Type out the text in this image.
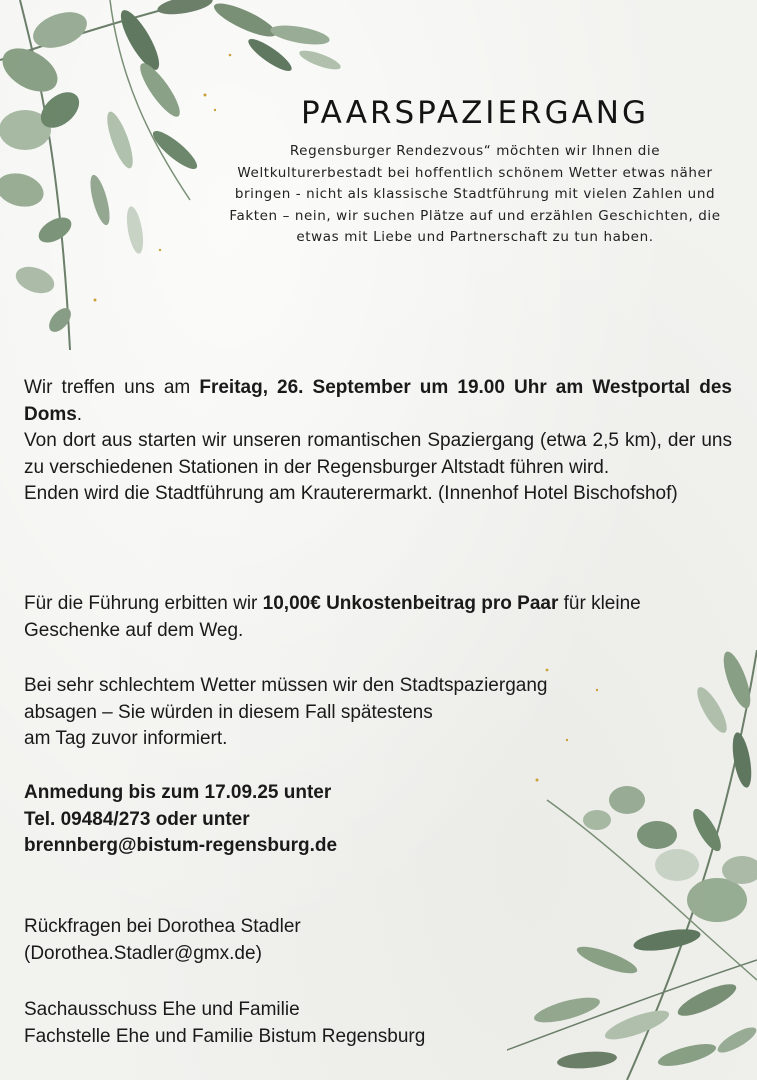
PAARSPAZIERGANG

Regensburger Rendezvous“ möchten wir Ihnen die Weltkulturerbestadt bei hoffentlich schönem Wetter etwas näher bringen - nicht als klassische Stadtführung mit vielen Zahlen und Fakten – nein, wir suchen Plätze auf und erzählen Geschichten, die etwas mit Liebe und Partnerschaft zu tun haben.

Wir treffen uns am Freitag, 26. September um 19.00 Uhr am Westportal des Doms.
Von dort aus starten wir unseren romantischen Spaziergang (etwa 2,5 km), der uns zu verschiedenen Stationen in der Regensburger Altstadt führen wird.
Enden wird die Stadtführung am Krauterermarkt. (Innenhof Hotel Bischofshof)

Für die Führung erbitten wir 10,00€ Unkostenbeitrag pro Paar für kleine Geschenke auf dem Weg.

Bei sehr schlechtem Wetter müssen wir den Stadtspaziergang
absagen – Sie würden in diesem Fall spätestens
am Tag zuvor informiert.

Anmedung bis zum 17.09.25 unter
Tel. 09484/273 oder unter
brennberg@bistum-regensburg.de

Rückfragen bei Dorothea Stadler
(Dorothea.Stadler@gmx.de)

Sachausschuss Ehe und Familie
Fachstelle Ehe und Familie Bistum Regensburg
